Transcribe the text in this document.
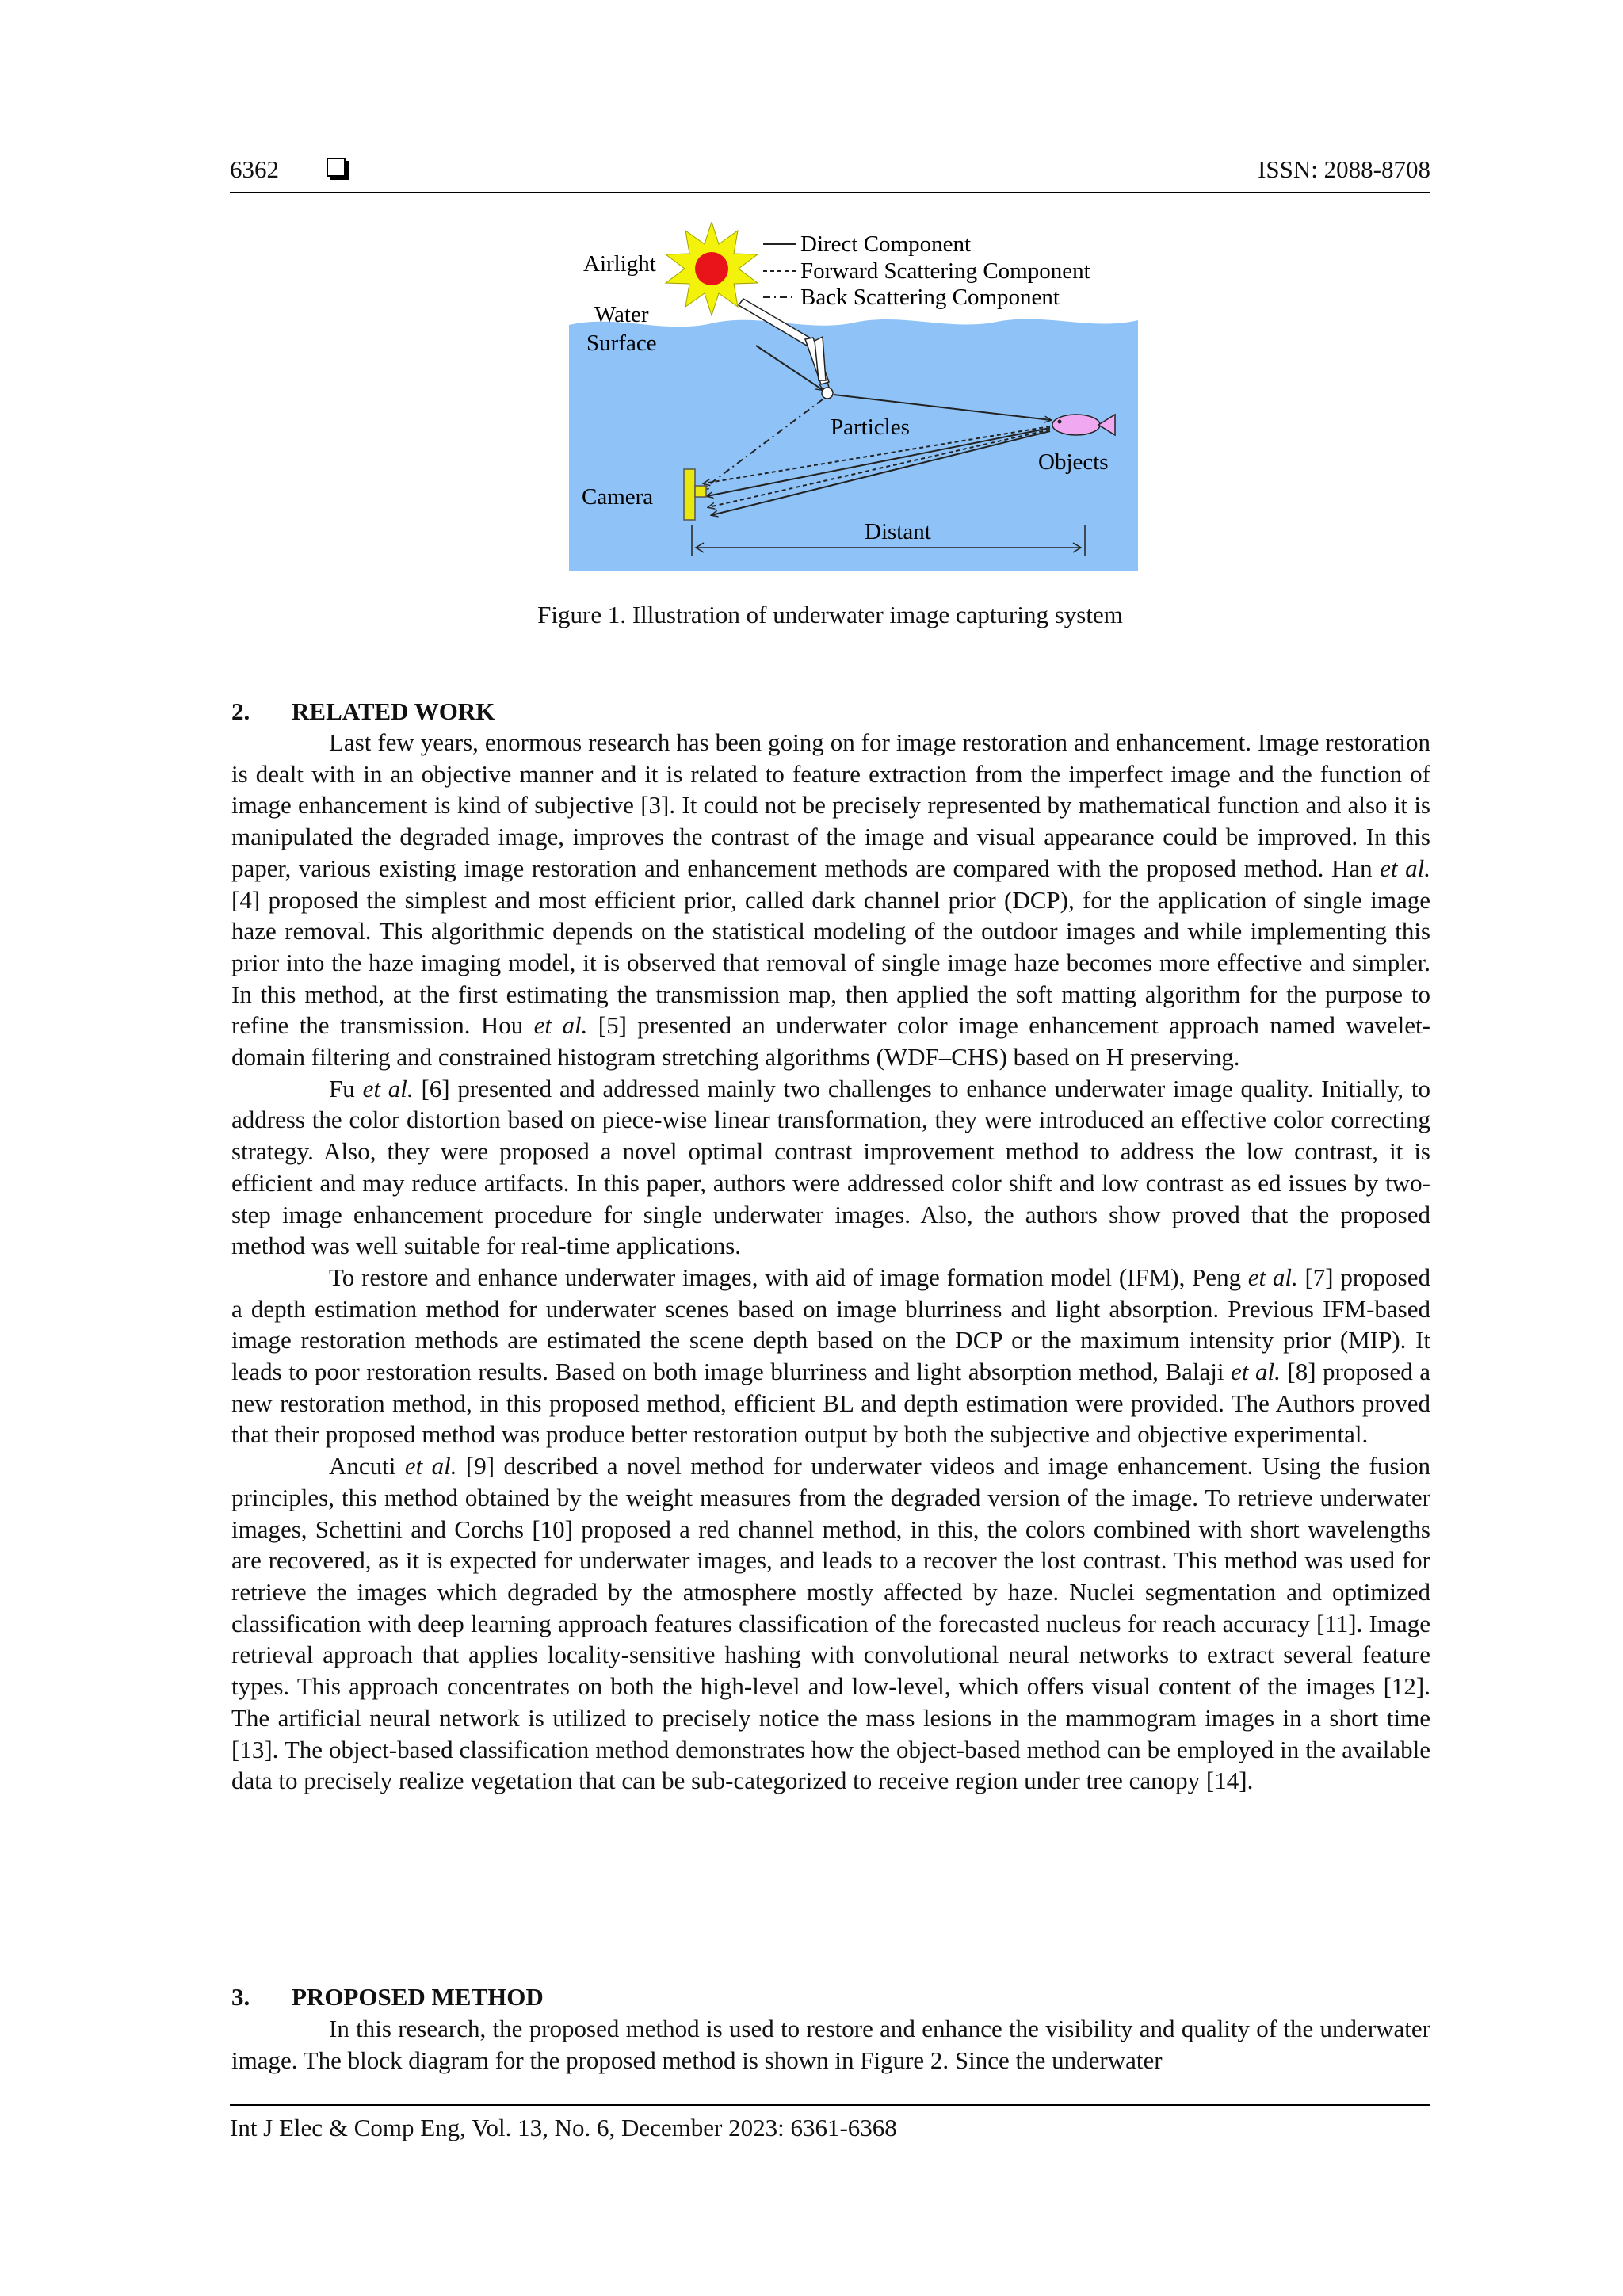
6362	ISSN: 2088-8708
Direct Component
Forward Scattering Component
Back Scattering Component
Airlight
Water
Surface
Particles
Objects
Camera
Distant
Figure 1. Illustration of underwater image capturing system
2. RELATED WORK

Last few years, enormous research has been going on for image restoration and enhancement. Image restoration is dealt with in an objective manner and it is related to feature extraction from the imperfect image and the function of image enhancement is kind of subjective [3]. It could not be precisely represented by mathematical function and also it is manipulated the degraded image, improves the contrast of the image and visual appearance could be improved. In this paper, various existing image restoration and enhancement methods are compared with the proposed method. Han et al. [4] proposed the simplest and most efficient prior, called dark channel prior (DCP), for the application of single image haze removal. This algorithmic depends on the statistical modeling of the outdoor images and while implementing this prior into the haze imaging model, it is observed that removal of single image haze becomes more effective and simpler. In this method, at the first estimating the transmission map, then applied the soft matting algorithm for the purpose to refine the transmission. Hou et al. [5] presented an underwater color image enhancement approach named wavelet-domain filtering and constrained histogram stretching algorithms (WDF–CHS) based on H preserving.

Fu et al. [6] presented and addressed mainly two challenges to enhance underwater image quality. Initially, to address the color distortion based on piece-wise linear transformation, they were introduced an effective color correcting strategy. Also, they were proposed a novel optimal contrast improvement method to address the low contrast, it is efficient and may reduce artifacts. In this paper, authors were addressed color shift and low contrast as ed issues by two-step image enhancement procedure for single underwater images. Also, the authors show proved that the proposed method was well suitable for real-time applications.

To restore and enhance underwater images, with aid of image formation model (IFM), Peng et al. [7] proposed a depth estimation method for underwater scenes based on image blurriness and light absorption. Previous IFM-based image restoration methods are estimated the scene depth based on the DCP or the maximum intensity prior (MIP). It leads to poor restoration results. Based on both image blurriness and light absorption method, Balaji et al. [8] proposed a new restoration method, in this proposed method, efficient BL and depth estimation were provided. The Authors proved that their proposed method was produce better restoration output by both the subjective and objective experimental.

Ancuti et al. [9] described a novel method for underwater videos and image enhancement. Using the fusion principles, this method obtained by the weight measures from the degraded version of the image. To retrieve underwater images, Schettini and Corchs [10] proposed a red channel method, in this, the colors combined with short wavelengths are recovered, as it is expected for underwater images, and leads to a recover the lost contrast. This method was used for retrieve the images which degraded by the atmosphere mostly affected by haze. Nuclei segmentation and optimized classification with deep learning approach features classification of the forecasted nucleus for reach accuracy [11]. Image retrieval approach that applies locality-sensitive hashing with convolutional neural networks to extract several feature types. This approach concentrates on both the high-level and low-level, which offers visual content of the images [12]. The artificial neural network is utilized to precisely notice the mass lesions in the mammogram images in a short time [13]. The object-based classification method demonstrates how the object-based method can be employed in the available data to precisely realize vegetation that can be sub-categorized to receive region under tree canopy [14].

3. PROPOSED METHOD

In this research, the proposed method is used to restore and enhance the visibility and quality of the underwater image. The block diagram for the proposed method is shown in Figure 2. Since the underwater

Int J Elec & Comp Eng, Vol. 13, No. 6, December 2023: 6361-6368
